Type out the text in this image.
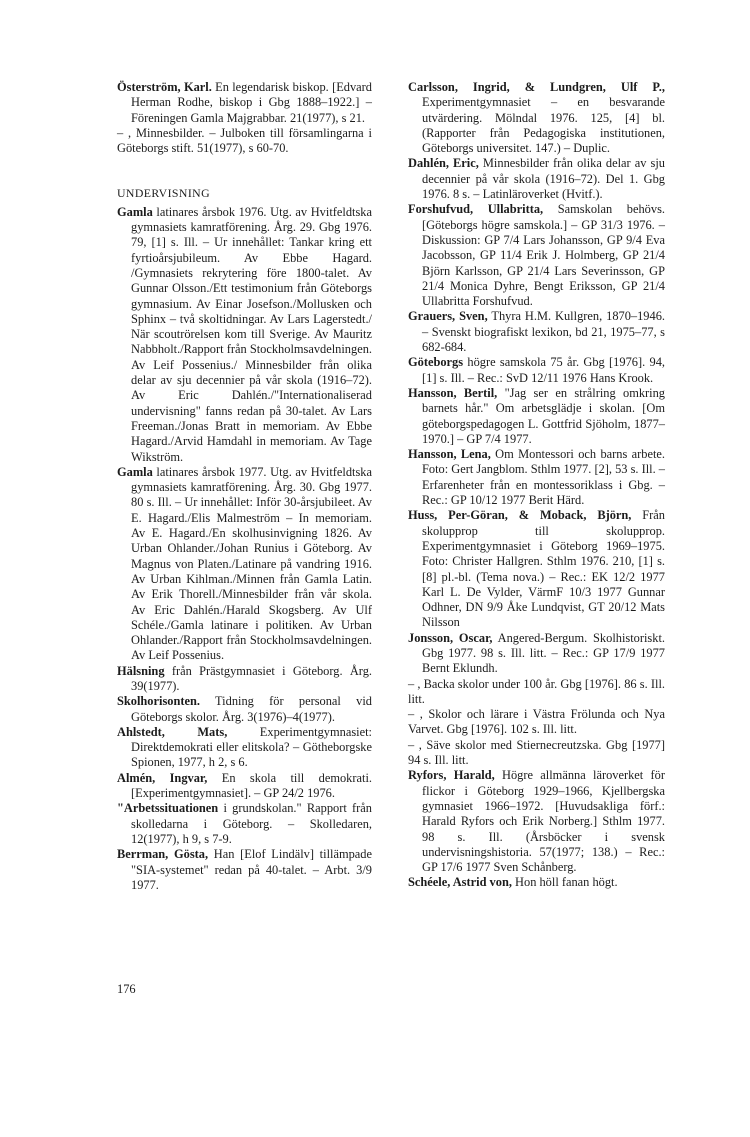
Österström, Karl. En legendarisk biskop. [Edvard Herman Rodhe, biskop i Gbg 1888–1922.] – Föreningen Gamla Majgrabbar. 21(1977), s 21.

– , Minnesbilder. – Julboken till församlingarna i Göteborgs stift. 51(1977), s 60-70.

UNDERVISNING

Gamla latinares årsbok 1976. Utg. av Hvitfeldtska gymnasiets kamratförening. Årg. 29. Gbg 1976. 79, [1] s. Ill. – Ur innehållet: Tankar kring ett fyrtioårsjubileum. Av Ebbe Hagard. /Gymnasiets rekrytering före 1800-talet. Av Gunnar Olsson./Ett testimonium från Göteborgs gymnasium. Av Einar Josefson./Mollusken och Sphinx – två skoltidningar. Av Lars Lagerstedt./ När scoutrörelsen kom till Sverige. Av Mauritz Nabbholt./Rapport från Stockholmsavdelningen. Av Leif Possenius./ Minnesbilder från olika delar av sju decennier på vår skola (1916–72). Av Eric Dahlén./"Internationaliserad undervisning" fanns redan på 30-talet. Av Lars Freeman./Jonas Bratt in memoriam. Av Ebbe Hagard./Arvid Hamdahl in memoriam. Av Tage Wikström.

Gamla latinares årsbok 1977. Utg. av Hvitfeldtska gymnasiets kamratförening. Årg. 30. Gbg 1977. 80 s. Ill. – Ur innehållet: Inför 30-årsjubileet. Av E. Hagard./Elis Malmeström – In memoriam. Av E. Hagard./En skolhusinvigning 1826. Av Urban Ohlander./Johan Runius i Göteborg. Av Magnus von Platen./Latinare på vandring 1916. Av Urban Kihlman./Minnen från Gamla Latin. Av Erik Thorell./Minnesbilder från vår skola. Av Eric Dahlén./Harald Skogsberg. Av Ulf Schéle./Gamla latinare i politiken. Av Urban Ohlander./Rapport från Stockholmsavdelningen. Av Leif Possenius.

Hälsning från Prästgymnasiet i Göteborg. Årg. 39(1977).

Skolhorisonten. Tidning för personal vid Göteborgs skolor. Årg. 3(1976)–4(1977).

Ahlstedt, Mats, Experimentgymnasiet: Direktdemokrati eller elitskola? – Götheborgske Spionen, 1977, h 2, s 6.

Almén, Ingvar, En skola till demokrati. [Experimentgymnasiet]. – GP 24/2 1976.

"Arbetssituationen i grundskolan." Rapport från skolledarna i Göteborg. – Skolledaren, 12(1977), h 9, s 7-9.

Berrman, Gösta, Han [Elof Lindälv] tillämpade "SIA-systemet" redan på 40-talet. – Arbt. 3/9 1977.

Carlsson, Ingrid, & Lundgren, Ulf P., Experimentgymnasiet – en besvarande utvärdering. Mölndal 1976. 125, [4] bl. (Rapporter från Pedagogiska institutionen, Göteborgs universitet. 147.) – Duplic.

Dahlén, Eric, Minnesbilder från olika delar av sju decennier på vår skola (1916–72). Del 1. Gbg 1976. 8 s. – Latinläroverket (Hvitf.).

Forshufvud, Ullabritta, Samskolan behövs. [Göteborgs högre samskola.] – GP 31/3 1976. – Diskussion: GP 7/4 Lars Johansson, GP 9/4 Eva Jacobsson, GP 11/4 Erik J. Holmberg, GP 21/4 Björn Karlsson, GP 21/4 Lars Severinsson, GP 21/4 Monica Dyhre, Bengt Eriksson, GP 21/4 Ullabritta Forshufvud.

Grauers, Sven, Thyra H.M. Kullgren, 1870–1946. – Svenskt biografiskt lexikon, bd 21, 1975–77, s 682-684.

Göteborgs högre samskola 75 år. Gbg [1976]. 94, [1] s. Ill. – Rec.: SvD 12/11 1976 Hans Krook.

Hansson, Bertil, "Jag ser en strålring omkring barnets hår." Om arbetsglädje i skolan. [Om göteborgspedagogen L. Gottfrid Sjöholm, 1877–1970.] – GP 7/4 1977.

Hansson, Lena, Om Montessori och barns arbete. Foto: Gert Jangblom. Sthlm 1977. [2], 53 s. Ill. – Erfarenheter från en montessoriklass i Gbg. – Rec.: GP 10/12 1977 Berit Härd.

Huss, Per-Göran, & Moback, Björn, Från skolupprop till skolupprop. Experimentgymnasiet i Göteborg 1969–1975. Foto: Christer Hallgren. Sthlm 1976. 210, [1] s. [8] pl.-bl. (Tema nova.) – Rec.: EK 12/2 1977 Karl L. De Vylder, VärmF 10/3 1977 Gunnar Odhner, DN 9/9 Åke Lundqvist, GT 20/12 Mats Nilsson

Jonsson, Oscar, Angered-Bergum. Skolhistoriskt. Gbg 1977. 98 s. Ill. litt. – Rec.: GP 17/9 1977 Bernt Eklundh.

– , Backa skolor under 100 år. Gbg [1976]. 86 s. Ill. litt.

– , Skolor och lärare i Västra Frölunda och Nya Varvet. Gbg [1976]. 102 s. Ill. litt.

– , Säve skolor med Stiernecreutzska. Gbg [1977] 94 s. Ill. litt.

Ryfors, Harald, Högre allmänna läroverket för flickor i Göteborg 1929–1966, Kjellbergska gymnasiet 1966–1972. [Huvudsakliga förf.: Harald Ryfors och Erik Norberg.] Sthlm 1977. 98 s. Ill. (Årsböcker i svensk undervisningshistoria. 57(1977; 138.) – Rec.: GP 17/6 1977 Sven Schånberg.

Schéele, Astrid von, Hon höll fanan högt.

176
